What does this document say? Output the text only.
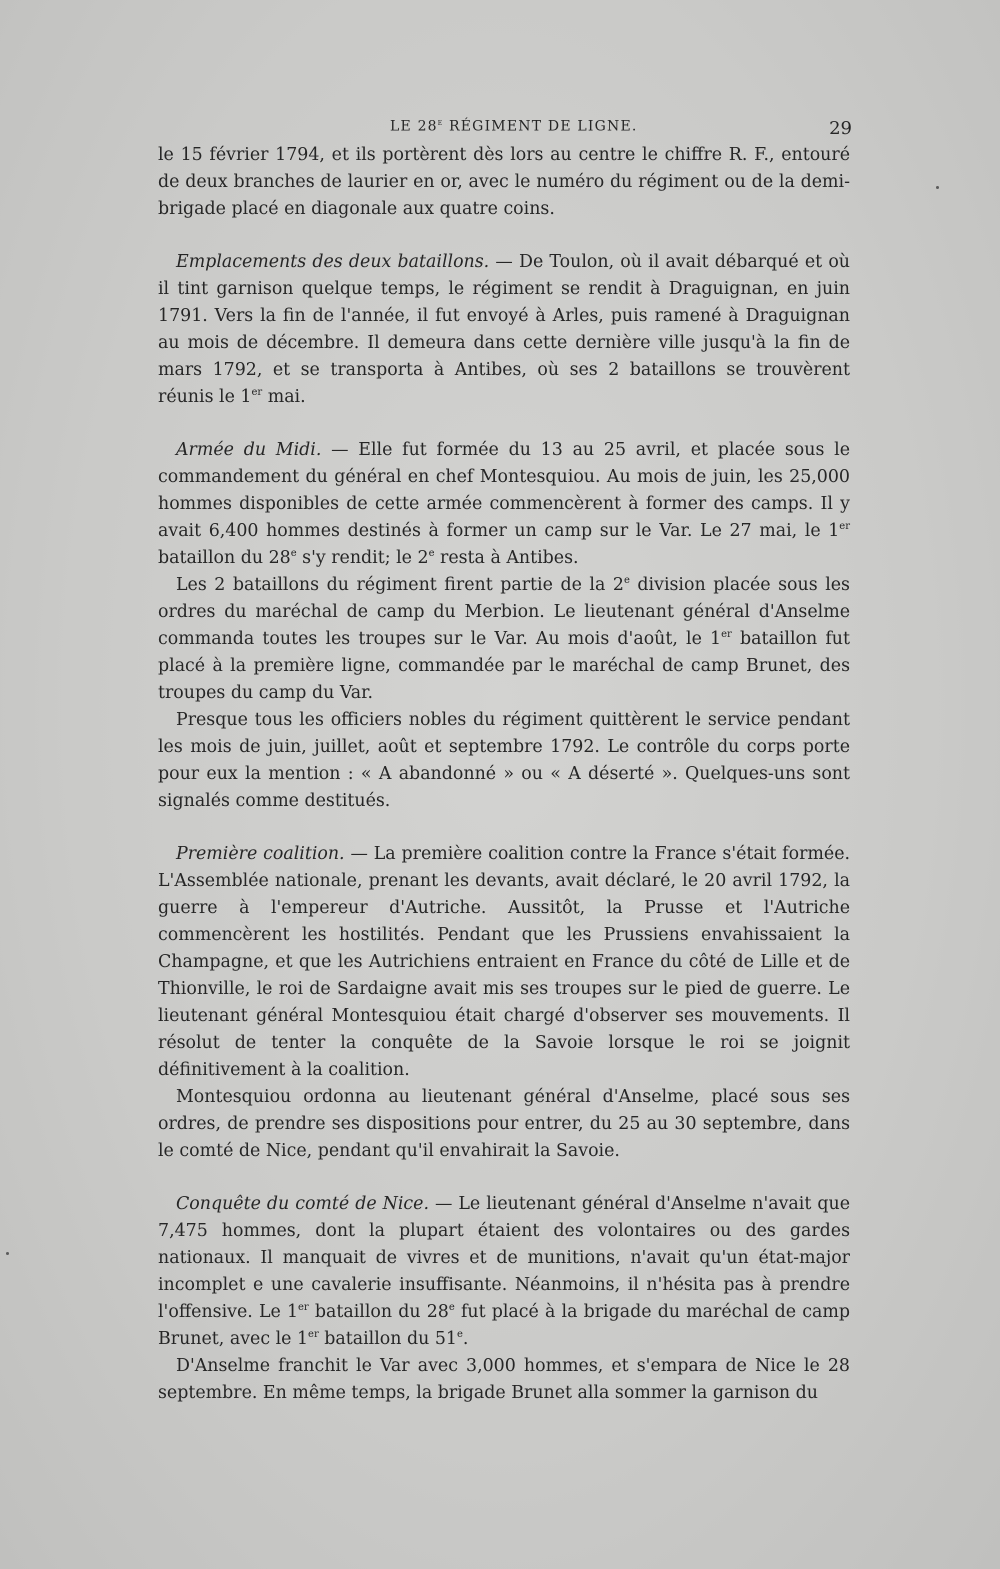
LE 28e RÉGIMENT DE LIGNE.	29

le 15 février 1794, et ils portèrent dès lors au centre le chiffre R. F., entouré de deux branches de laurier en or, avec le numéro du régiment ou de la demi-brigade placé en diagonale aux quatre coins.

Emplacements des deux bataillons. — De Toulon, où il avait débarqué et où il tint garnison quelque temps, le régiment se rendit à Draguignan, en juin 1791. Vers la fin de l'année, il fut envoyé à Arles, puis ramené à Draguignan au mois de décembre. Il demeura dans cette dernière ville jusqu'à la fin de mars 1792, et se transporta à Antibes, où ses 2 bataillons se trouvèrent réunis le 1er mai.

Armée du Midi. — Elle fut formée du 13 au 25 avril, et placée sous le commandement du général en chef Montesquiou. Au mois de juin, les 25,000 hommes disponibles de cette armée commencèrent à former des camps. Il y avait 6,400 hommes destinés à former un camp sur le Var. Le 27 mai, le 1er bataillon du 28e s'y rendit; le 2e resta à Antibes.

Les 2 bataillons du régiment firent partie de la 2e division placée sous les ordres du maréchal de camp du Merbion. Le lieutenant général d'Anselme commanda toutes les troupes sur le Var. Au mois d'août, le 1er bataillon fut placé à la première ligne, commandée par le maréchal de camp Brunet, des troupes du camp du Var.

Presque tous les officiers nobles du régiment quittèrent le service pendant les mois de juin, juillet, août et septembre 1792. Le contrôle du corps porte pour eux la mention : « A abandonné » ou « A déserté ». Quelques-uns sont signalés comme destitués.

Première coalition. — La première coalition contre la France s'était formée. L'Assemblée nationale, prenant les devants, avait déclaré, le 20 avril 1792, la guerre à l'empereur d'Autriche. Aussitôt, la Prusse et l'Autriche commencèrent les hostilités. Pendant que les Prussiens envahissaient la Champagne, et que les Autrichiens entraient en France du côté de Lille et de Thionville, le roi de Sardaigne avait mis ses troupes sur le pied de guerre. Le lieutenant général Montesquiou était chargé d'observer ses mouvements. Il résolut de tenter la conquête de la Savoie lorsque le roi se joignit définitivement à la coalition.

Montesquiou ordonna au lieutenant général d'Anselme, placé sous ses ordres, de prendre ses dispositions pour entrer, du 25 au 30 septembre, dans le comté de Nice, pendant qu'il envahirait la Savoie.

Conquête du comté de Nice. — Le lieutenant général d'Anselme n'avait que 7,475 hommes, dont la plupart étaient des volontaires ou des gardes nationaux. Il manquait de vivres et de munitions, n'avait qu'un état-major incomplet e une cavalerie insuffisante. Néanmoins, il n'hésita pas à prendre l'offensive. Le 1er bataillon du 28e fut placé à la brigade du maréchal de camp Brunet, avec le 1er bataillon du 51e.

D'Anselme franchit le Var avec 3,000 hommes, et s'empara de Nice le 28 septembre. En même temps, la brigade Brunet alla sommer la garnison du
